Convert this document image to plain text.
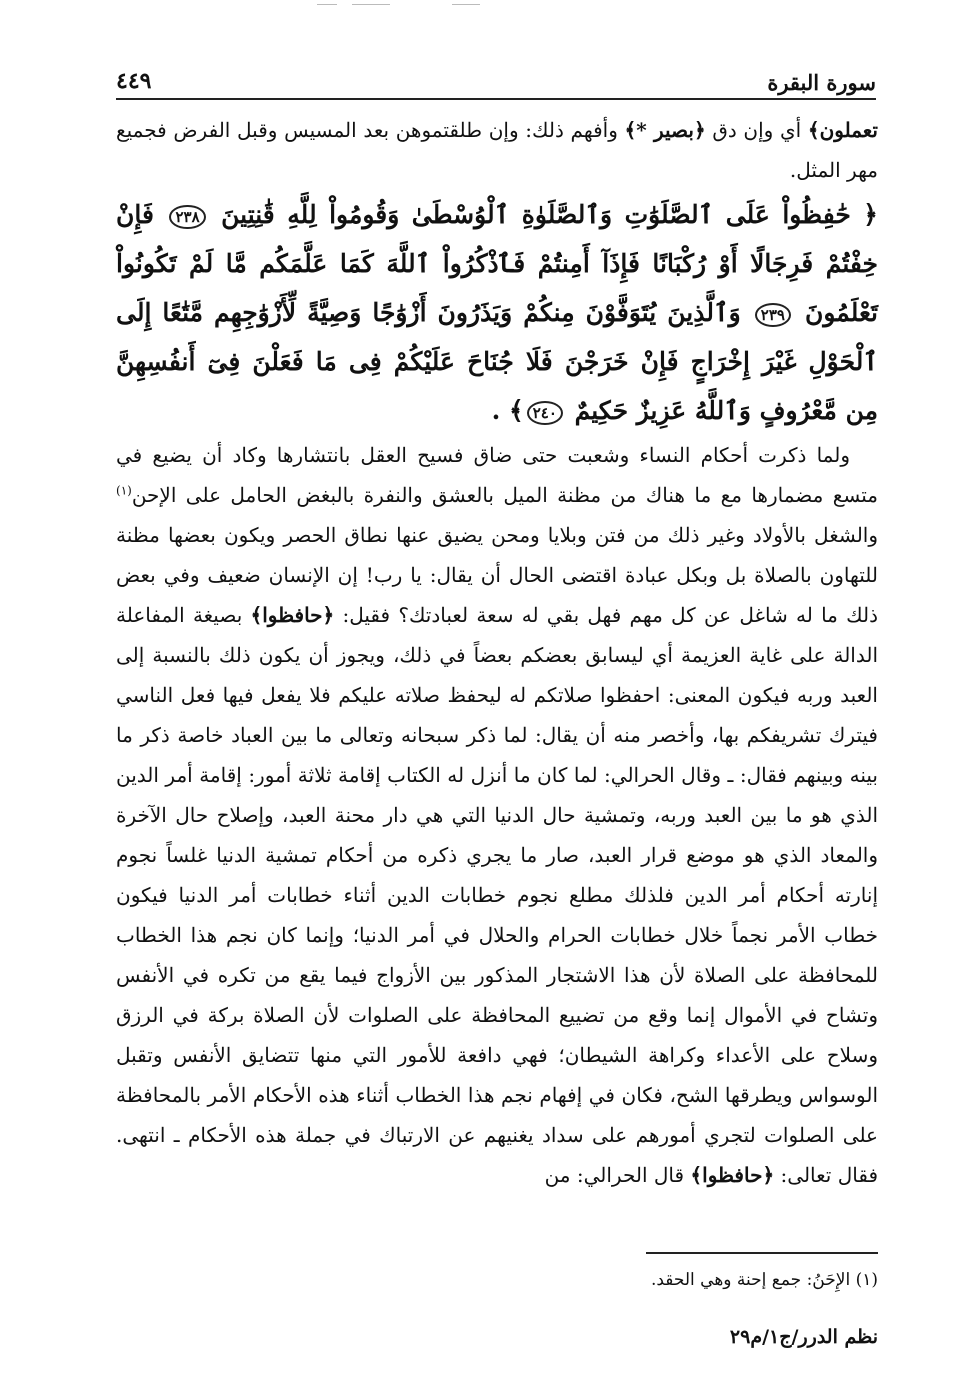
سورة البقرة
٤٤٩

تعملون﴾ أي وإن دق ﴿بصير *﴾ وأفهم ذلك: وإن طلقتموهن بعد المسيس وقبل الفرض فجميع مهر المثل.

﴿ حَٰفِظُواْ عَلَى ٱلصَّلَوَٰتِ وَٱلصَّلَوٰةِ ٱلْوُسْطَىٰ وَقُومُواْ لِلَّهِ قَٰنِتِينَ ٢٣٨ فَإِنْ خِفْتُمْ فَرِجَالًا أَوْ رُكْبَانًا فَإِذَآ أَمِنتُمْ فَٱذْكُرُواْ ٱللَّهَ كَمَا عَلَّمَكُم مَّا لَمْ تَكُونُواْ تَعْلَمُونَ ٢٣٩ وَٱلَّذِينَ يُتَوَفَّوْنَ مِنكُمْ وَيَذَرُونَ أَزْوَٰجًا وَصِيَّةً لِّأَزْوَٰجِهِم مَّتَٰعًا إِلَى ٱلْحَوْلِ غَيْرَ إِخْرَاجٍ فَإِنْ خَرَجْنَ فَلَا جُنَاحَ عَلَيْكُمْ فِى مَا فَعَلْنَ فِىٓ أَنفُسِهِنَّ مِن مَّعْرُوفٍ وَٱللَّهُ عَزِيزٌ حَكِيمٌ ٢٤٠﴾ .

ولما ذكرت أحكام النساء وشعبت حتى ضاق فسيح العقل بانتشارها وكاد أن يضيع في متسع مضمارها مع ما هناك من مظنة الميل بالعشق والنفرة بالبغض الحامل على الإحن$^{(١)}$ والشغل بالأولاد وغير ذلك من فتن وبلايا ومحن يضيق عنها نطاق الحصر ويكون بعضها مظنة للتهاون بالصلاة بل وبكل عبادة اقتضى الحال أن يقال: يا رب! إن الإنسان ضعيف وفي بعض ذلك ما له شاغل عن كل مهم فهل بقي له سعة لعبادتك؟ فقيل: ﴿حافظوا﴾ بصيغة المفاعلة الدالة على غاية العزيمة أي ليسابق بعضكم بعضاً في ذلك، ويجوز أن يكون ذلك بالنسبة إلى العبد وربه فيكون المعنى: احفظوا صلاتكم له ليحفظ صلاته عليكم فلا يفعل فيها فعل الناسي فيترك تشريفكم بها، وأخصر منه أن يقال: لما ذكر سبحانه وتعالى ما بين العباد خاصة ذكر ما بينه وبينهم فقال: ـ وقال الحرالي: لما كان ما أنزل له الكتاب إقامة ثلاثة أمور: إقامة أمر الدين الذي هو ما بين العبد وربه، وتمشية حال الدنيا التي هي دار محنة العبد، وإصلاح حال الآخرة والمعاد الذي هو موضع قرار العبد، صار ما يجري ذكره من أحكام تمشية الدنيا غلساً نجوم إنارته أحكام أمر الدين فلذلك مطلع نجوم خطابات الدين أثناء خطابات أمر الدنيا فيكون خطاب الأمر نجماً خلال خطابات الحرام والحلال في أمر الدنيا؛ وإنما كان نجم هذا الخطاب للمحافظة على الصلاة لأن هذا الاشتجار المذكور بين الأزواج فيما يقع من تكره في الأنفس وتشاح في الأموال إنما وقع من تضييع المحافظة على الصلوات لأن الصلاة بركة في الرزق وسلاح على الأعداء وكراهة الشيطان؛ فهي دافعة للأمور التي منها تتضايق الأنفس وتقبل الوسواس ويطرقها الشح، فكان في إفهام نجم هذا الخطاب أثناء هذه الأحكام الأمر بالمحافظة على الصلوات لتجري أمورهم على سداد يغنيهم عن الارتباك في جملة هذه الأحكام ـ انتهى. فقال تعالى: ﴿حافظوا﴾ قال الحرالي: من

(١) الإِحَنُ: جمع إحنة وهي الحقد.
نظم الدرر/ج١/م٢٩
